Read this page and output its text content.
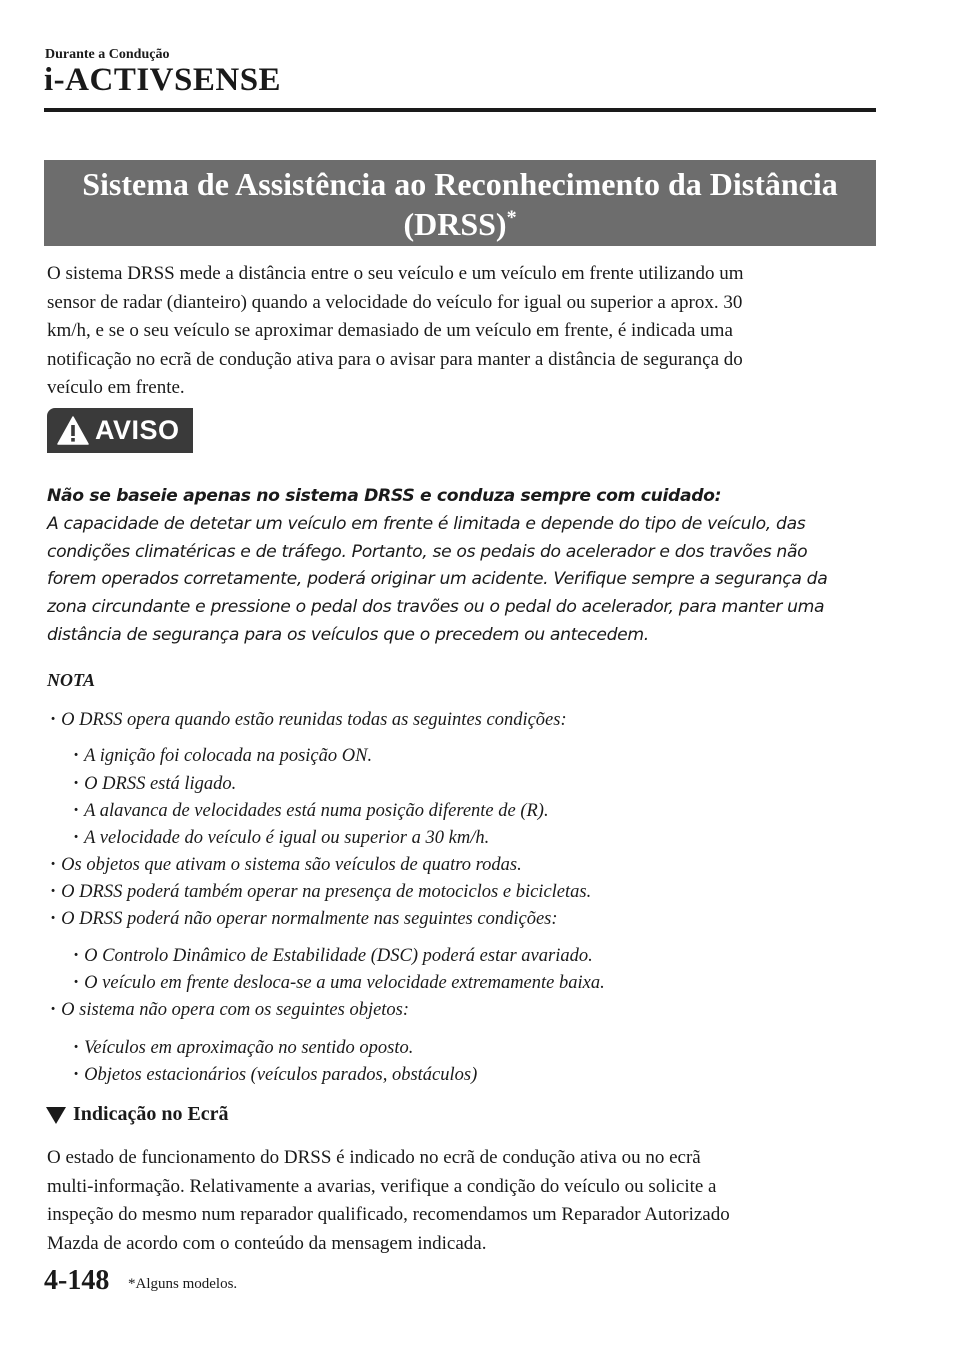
Durante a Condução
i-ACTIVSENSE
Sistema de Assistência ao Reconhecimento da Distância
(DRSS)*
O sistema DRSS mede a distância entre o seu veículo e um veículo em frente utilizando um
sensor de radar (dianteiro) quando a velocidade do veículo for igual ou superior a aprox. 30
km/h, e se o seu veículo se aproximar demasiado de um veículo em frente, é indicada uma
notificação no ecrã de condução ativa para o avisar para manter a distância de segurança do
veículo em frente.
AVISO
Não se baseie apenas no sistema DRSS e conduza sempre com cuidado:
A capacidade de detetar um veículo em frente é limitada e depende do tipo de veículo, das
condições climatéricas e de tráfego. Portanto, se os pedais do acelerador e dos travões não
forem operados corretamente, poderá originar um acidente. Verifique sempre a segurança da
zona circundante e pressione o pedal dos travões ou o pedal do acelerador, para manter uma
distância de segurança para os veículos que o precedem ou antecedem.
NOTA
· O DRSS opera quando estão reunidas todas as seguintes condições:
· A ignição foi colocada na posição ON.
· O DRSS está ligado.
· A alavanca de velocidades está numa posição diferente de (R).
· A velocidade do veículo é igual ou superior a 30 km/h.
· Os objetos que ativam o sistema são veículos de quatro rodas.
· O DRSS poderá também operar na presença de motociclos e bicicletas.
· O DRSS poderá não operar normalmente nas seguintes condições:
· O Controlo Dinâmico de Estabilidade (DSC) poderá estar avariado.
· O veículo em frente desloca-se a uma velocidade extremamente baixa.
· O sistema não opera com os seguintes objetos:
· Veículos em aproximação no sentido oposto.
· Objetos estacionários (veículos parados, obstáculos)
Indicação no Ecrã
O estado de funcionamento do DRSS é indicado no ecrã de condução ativa ou no ecrã
multi-informação. Relativamente a avarias, verifique a condição do veículo ou solicite a
inspeção do mesmo num reparador qualificado, recomendamos um Reparador Autorizado
Mazda de acordo com o conteúdo da mensagem indicada.
4-148 *Alguns modelos.
